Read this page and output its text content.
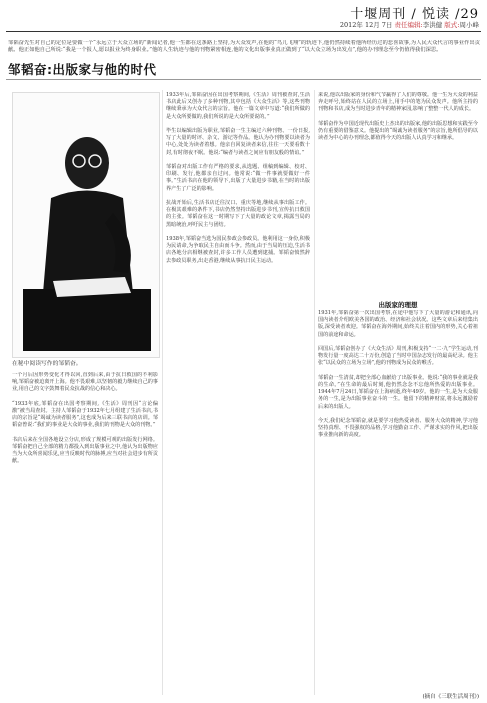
十堰周刊 / 悦读 /29
2012年 12月 7日 责任编辑:李洪健 版式:周小峰
邹韬奋先生对自己的定位是要做一个“永远立于大众立场的”新闻记者,他一生都在这条路上坚持,为大众发声,在他的“鸟儿飞翔”的轨迹下,他仍然持续着他所经历过的悲喜故事,为人民大众代言的事业作出贡献。他正如他自己所说:“我是一个报人,愿以报业为终身职业。”他的人生轨迹与他的刊物紧密相连,他的文化出版事业真正做到了“以大众立场为出发点”,他的办刊理念至今仍值得我们深思。
邹韬奋:出版家与他的时代
在秘中阅读写作的邹韬奋。
一个月后因形势变化才得以回,直到后来,由于抗日救国的不利影响,邹韬奋被迫离开上海。他不畏艰难,以坚韧的毅力继续自己的事业,用自己的文字鼓舞着民众抗战的信心和决心。

“1933年底,邹韬奋在出国考察期间,《生活》周刊因“言论偏激”被当局查封。主持人邹韬奋于1932年七月组建了生活书店,书店的宗旨是“竭诚为读者服务”,这也成为后来三联书店的店训。邹韬奋曾说:“我们的事业是大众的事业,我们的刊物是大众的刊物。”

书店后来在全国各地设立分店,形成了规模可观的出版发行网络。邹韬奋把自己全部的精力都投入到出版事业之中,他认为出版物应当为大众所喜闻乐见,应当反映时代的脉搏,应当对社会进步有所贡献。
1933年后,邹韬奋因在出国考察期间,《生活》周刊被查封,生活书店此后又创办了多种刊物,其中包括《大众生活》等,这些刊物继续秉承为大众代言的宗旨。他在一篇文章中写道:“我们所做的是大众所要做的,我们所说的是大众所要说的。”

毕生以编辑出版为职业,邹韬奋一生主编过六种刊物、一份日报,写了大量的时评、杂文、游记等作品。他认为办刊物要以读者为中心,处处为读者着想。他亲自回复读者来信,往往一天要看数十封,有时彻夜不眠。他说:“编者与读者之间应有朋友般的情谊。”

邹韬奋对出版工作有严格的要求,从选题、组稿到编辑、校对、印刷、发行,他都亲自过问。他常说:“做一件事就要做好一件事。”生活书店在他的领导下,出版了大量进步书籍,在当时的出版界产生了广泛的影响。

抗战开始后,生活书店迁往汉口、重庆等地,继续从事出版工作。在极其艰难的条件下,书店仍然坚持出版进步书刊,宣传抗日救国的主张。邹韬奋在这一时期写下了大量的政论文章,揭露当局的黑暗统治,呼吁民主与团结。

1938年,邹韬奋当选为国民参政会参政员。他利用这一身份,积极为民请命,为争取民主自由而斗争。然而,由于当局的压迫,生活书店各地分店相继被查封,许多工作人员遭到逮捕。邹韬奋愤然辞去参政员职务,出走香港,继续从事抗日民主运动。
来说,他以出版家的身份和气节赢得了人们的尊敬。他一生为大众的利益奔走呼号,始终站在人民的立场上,用手中的笔为民众发声。他所主持的刊物和书店,成为当时进步青年的精神家园,影响了整整一代人的成长。

邹韬奋作为中国近现代出版史上杰出的出版家,他的出版思想和实践至今仍有重要的借鉴意义。他提出的“竭诚为读者服务”的宗旨,他所倡导的以读者为中心的办刊理念,都值得今天的出版人认真学习和继承。
出版家的理想
1931年,邹韬奋第一次出国考察,在途中他写下了大量的游记和通讯,向国内读者介绍欧美各国的政治、经济和社会状况。这些文章后来结集出版,深受读者欢迎。邹韬奋在海外期间,始终关注着国内的形势,关心着祖国的前途和命运。

回国后,邹韬奋创办了《大众生活》周刊,积极支持“一二·九”学生运动,刊物发行量一度高达二十万份,创造了当时中国杂志发行的最高纪录。他主张“以民众的立场为立场”,他的刊物成为民众的喉舌。

邹韬奋一生清贫,却把全部心血献给了出版事业。他说:“我的事业就是我的生命。”在生命的最后时刻,他仍然念念不忘他所热爱的出版事业。1944年7月24日,邹韬奋在上海病逝,终年49岁。他的一生,是为大众服务的一生,是为出版事业奋斗的一生。他留下的精神财富,将永远激励着后来的出版人。

今天,我们纪念邹韬奋,就是要学习他热爱读者、服务大众的精神,学习他坚持真理、不畏强权的品格,学习他勤奋工作、严谨求实的作风,把出版事业推向新的高度。
(摘自《三联生活周刊》)
